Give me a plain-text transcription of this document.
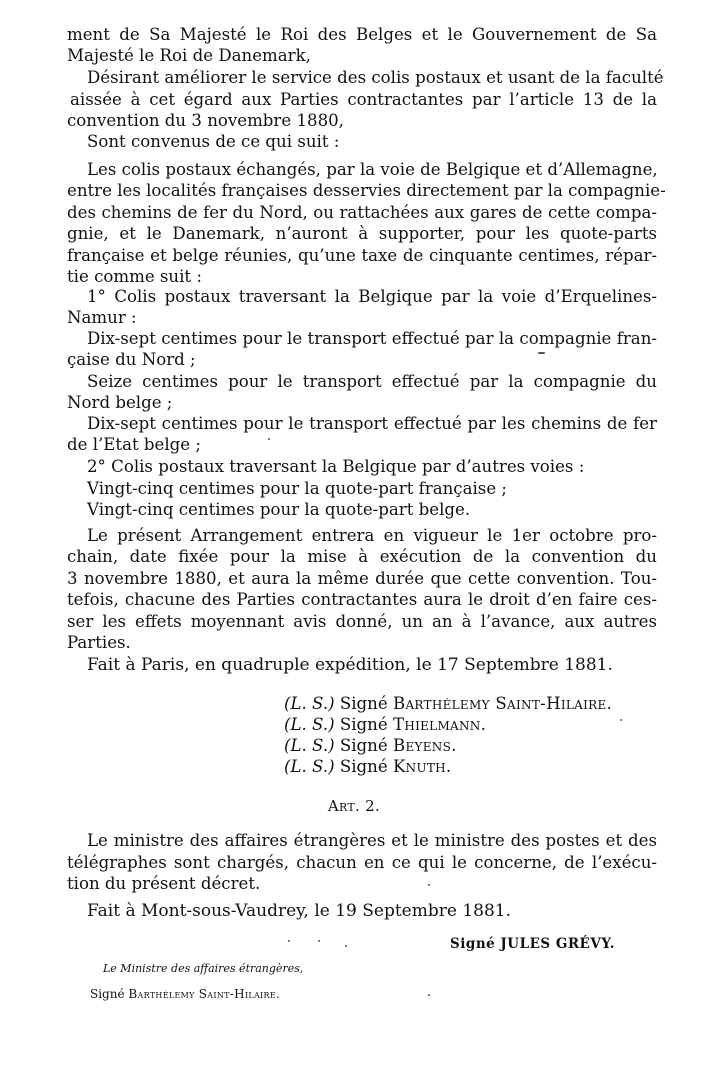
ment de Sa Majesté le Roi des Belges et le Gouvernement de Sa
Majesté le Roi de Danemark,
Désirant améliorer le service des colis postaux et usant de la faculté
aissée à cet égard aux Parties contractantes par l’article 13 de la
convention du 3 novembre 1880,
Sont convenus de ce qui suit :
Les colis postaux échangés, par la voie de Belgique et d’Allemagne,
entre les localités françaises desservies directement par la compagnie-
des chemins de fer du Nord, ou rattachées aux gares de cette compa-
gnie, et le Danemark, n’auront à supporter, pour les quote-parts
française et belge réunies, qu’une taxe de cinquante centimes, répar-
tie comme suit :
1° Colis postaux traversant la Belgique par la voie d’Erquelines-
Namur :
Dix-sept centimes pour le transport effectué par la compagnie fran-
çaise du Nord ;
Seize centimes pour le transport effectué par la compagnie du
Nord belge ;
Dix-sept centimes pour le transport effectué par les chemins de fer
de l’Etat belge ;
2° Colis postaux traversant la Belgique par d’autres voies :
Vingt-cinq centimes pour la quote-part française ;
Vingt-cinq centimes pour la quote-part belge.
Le présent Arrangement entrera en vigueur le 1er octobre pro-
chain, date fixée pour la mise à exécution de la convention du
3 novembre 1880, et aura la même durée que cette convention. Tou-
tefois, chacune des Parties contractantes aura le droit d’en faire ces-
ser les effets moyennant avis donné, un an à l’avance, aux autres
Parties.
Fait à Paris, en quadruple expédition, le 17 Septembre 1881.
(L. S.) Signé Barthélemy Saint-Hilaire.
(L. S.) Signé Thielmann.
(L. S.) Signé Beyens.
(L. S.) Signé Knuth.
Art. 2.
Le ministre des affaires étrangères et le ministre des postes et des
télégraphes sont chargés, chacun en ce qui le concerne, de l’exécu-
tion du présent décret.
Fait à Mont-sous-Vaudrey, le 19 Septembre 1881.
Signé JULES GRÉVY.
Le Ministre des affaires étrangères,
Signé Barthélemy Saint-Hilaire.
